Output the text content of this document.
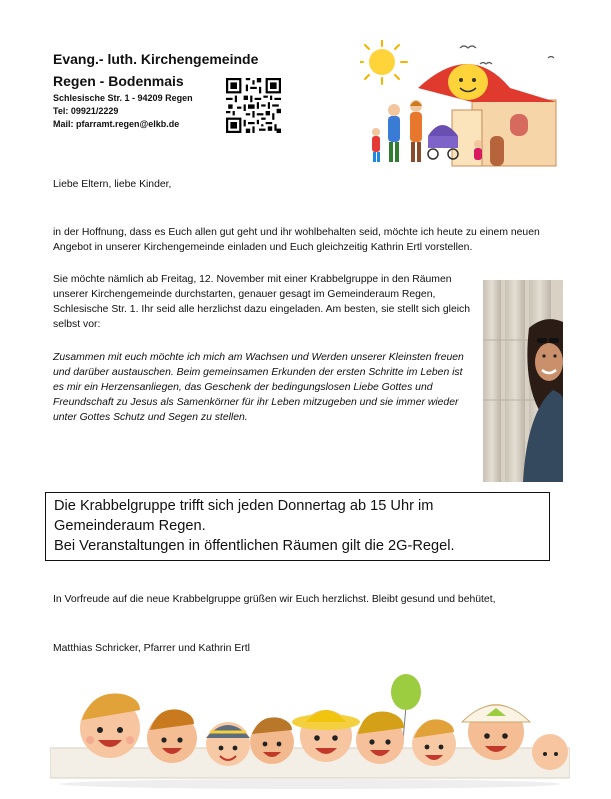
Evang.- luth. Kirchengemeinde
Regen - Bodenmais
Schlesische Str. 1 - 94209 Regen
Tel: 09921/2229
Mail: pfarramt.regen@elkb.de
Liebe Eltern, liebe Kinder,
in der Hoffnung, dass es Euch allen gut geht und ihr wohlbehalten seid, möchte ich heute zu einem neuen Angebot in unserer Kirchengemeinde einladen und Euch gleichzeitig Kathrin Ertl vorstellen.
Sie möchte nämlich ab Freitag, 12. November mit einer Krabbelgruppe in den Räumen unserer Kirchengemeinde durchstarten, genauer gesagt im Gemeinderaum Regen, Schlesische Str. 1. Ihr seid alle herzlichst dazu eingeladen. Am besten, sie stellt sich gleich selbst vor:
Zusammen mit euch möchte ich mich am Wachsen und Werden unserer Kleinsten freuen und darüber austauschen. Beim gemeinsamen Erkunden der ersten Schritte im Leben ist es mir ein Herzensanliegen, das Geschenk der bedingungslosen Liebe Gottes und Freundschaft zu Jesus als Samenkörner für ihr Leben mitzugeben und sie immer wieder unter Gottes Schutz und Segen zu stellen.
Die Krabbelgruppe trifft sich jeden Donnertag ab 15 Uhr im
Gemeinderaum Regen.
Bei Veranstaltungen in öffentlichen Räumen gilt die 2G-Regel.
In Vorfreude auf die neue Krabbelgruppe grüßen wir Euch herzlichst. Bleibt gesund und behütet,
Matthias Schricker, Pfarrer und Kathrin Ertl
